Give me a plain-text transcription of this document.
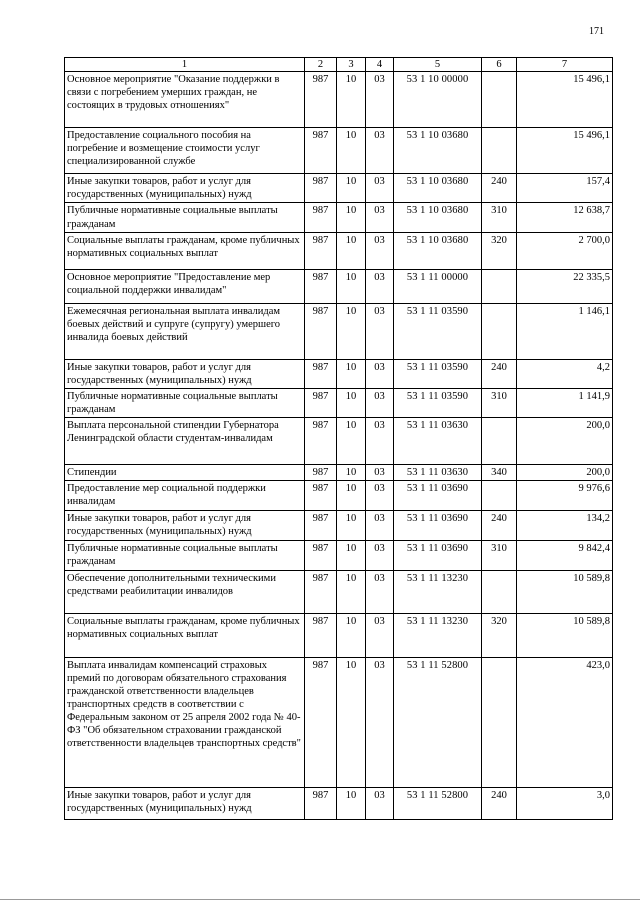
171
1	2	3	4	5	6	7
Основное мероприятие "Оказание поддержки в связи с погребением умерших граждан, не состоящих в трудовых отношениях"	987	10	03	53 1 10 00000		15 496,1
Предоставление социального пособия на погребение и возмещение стоимости услуг специализированной службе	987	10	03	53 1 10 03680		15 496,1
Иные закупки товаров, работ и услуг для государственных (муниципальных) нужд	987	10	03	53 1 10 03680	240	157,4
Публичные нормативные социальные выплаты гражданам	987	10	03	53 1 10 03680	310	12 638,7
Социальные выплаты гражданам, кроме публичных нормативных социальных выплат	987	10	03	53 1 10 03680	320	2 700,0
Основное мероприятие "Предоставление мер социальной поддержки инвалидам"	987	10	03	53 1 11 00000		22 335,5
Ежемесячная региональная выплата инвалидам боевых действий и супруге (супругу) умершего инвалида боевых действий	987	10	03	53 1 11 03590		1 146,1
Иные закупки товаров, работ и услуг для государственных (муниципальных) нужд	987	10	03	53 1 11 03590	240	4,2
Публичные нормативные социальные выплаты гражданам	987	10	03	53 1 11 03590	310	1 141,9
Выплата персональной стипендии Губернатора Ленинградской области студентам-инвалидам	987	10	03	53 1 11 03630		200,0
Стипендии	987	10	03	53 1 11 03630	340	200,0
Предоставление мер социальной поддержки инвалидам	987	10	03	53 1 11 03690		9 976,6
Иные закупки товаров, работ и услуг для государственных (муниципальных) нужд	987	10	03	53 1 11 03690	240	134,2
Публичные нормативные социальные выплаты гражданам	987	10	03	53 1 11 03690	310	9 842,4
Обеспечение дополнительными техническими средствами реабилитации инвалидов	987	10	03	53 1 11 13230		10 589,8
Социальные выплаты гражданам, кроме публичных нормативных социальных выплат	987	10	03	53 1 11 13230	320	10 589,8
Выплата инвалидам компенсаций страховых премий по договорам обязательного страхования гражданской ответственности владельцев транспортных средств в соответствии с Федеральным законом от 25 апреля 2002 года № 40-ФЗ "Об обязательном страховании гражданской ответственности владельцев транспортных средств"	987	10	03	53 1 11 52800		423,0
Иные закупки товаров, работ и услуг для государственных (муниципальных) нужд	987	10	03	53 1 11 52800	240	3,0
